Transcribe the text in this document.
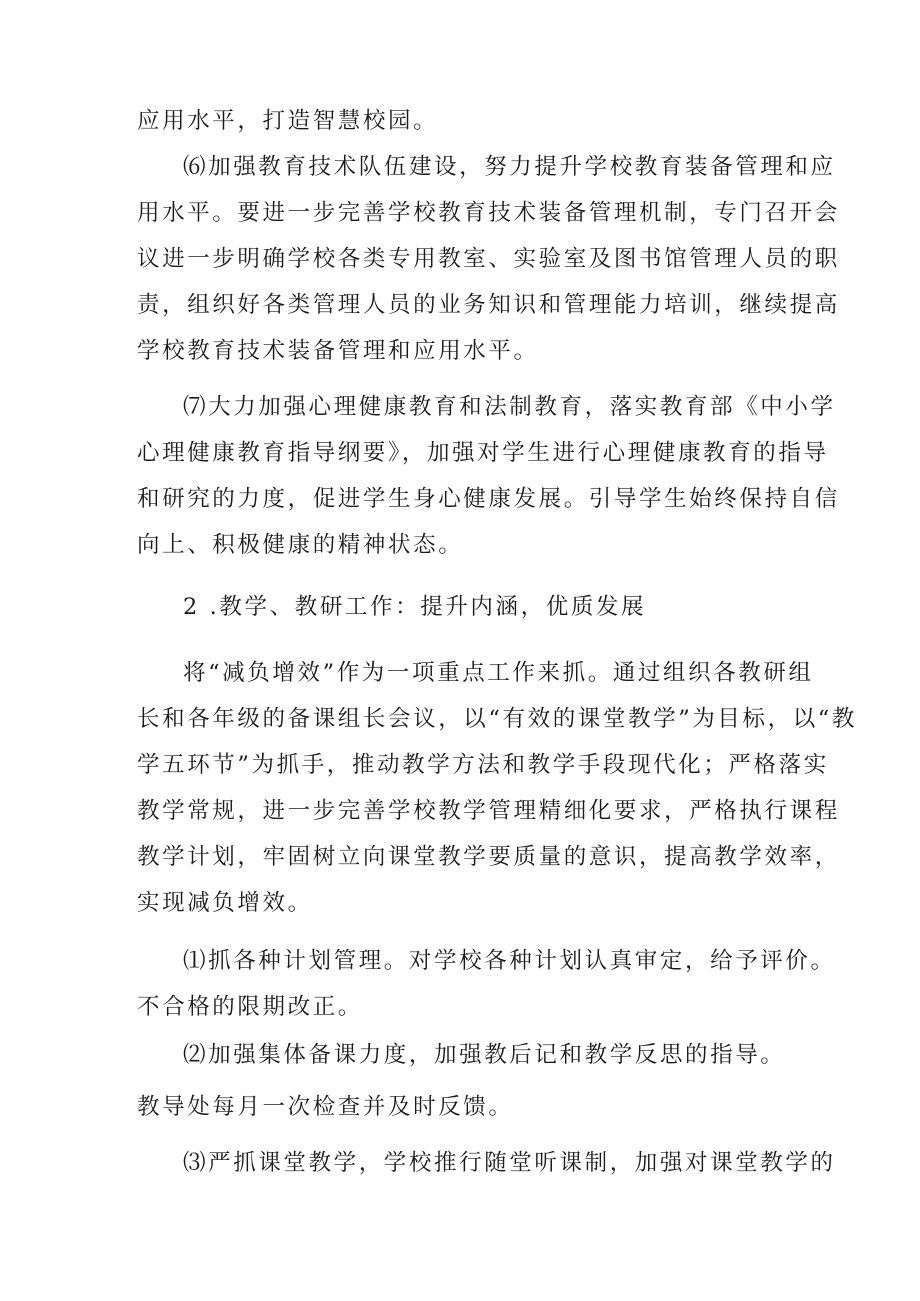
应用水平，打造智慧校园。
⑹加强教育技术队伍建设，努力提升学校教育装备管理和应
用水平。要进一步完善学校教育技术装备管理机制，专门召开会
议进一步明确学校各类专用教室、实验室及图书馆管理人员的职
责，组织好各类管理人员的业务知识和管理能力培训，继续提高
学校教育技术装备管理和应用水平。
⑺大力加强心理健康教育和法制教育，落实教育部《中小学
心理健康教育指导纲要》，加强对学生进行心理健康教育的指导
和研究的力度，促进学生身心健康发展。引导学生始终保持自信
向上、积极健康的精神状态。
2 .教学、教研工作：提升内涵，优质发展
将“减负增效”作为一项重点工作来抓。通过组织各教研组
长和各年级的备课组长会议，以“有效的课堂教学”为目标，以“教
学五环节”为抓手，推动教学方法和教学手段现代化；严格落实
教学常规，进一步完善学校教学管理精细化要求，严格执行课程
教学计划，牢固树立向课堂教学要质量的意识，提高教学效率，
实现减负增效。
⑴抓各种计划管理。对学校各种计划认真审定，给予评价。
不合格的限期改正。
⑵加强集体备课力度，加强教后记和教学反思的指导。
教导处每月一次检查并及时反馈。
⑶严抓课堂教学，学校推行随堂听课制，加强对课堂教学的
